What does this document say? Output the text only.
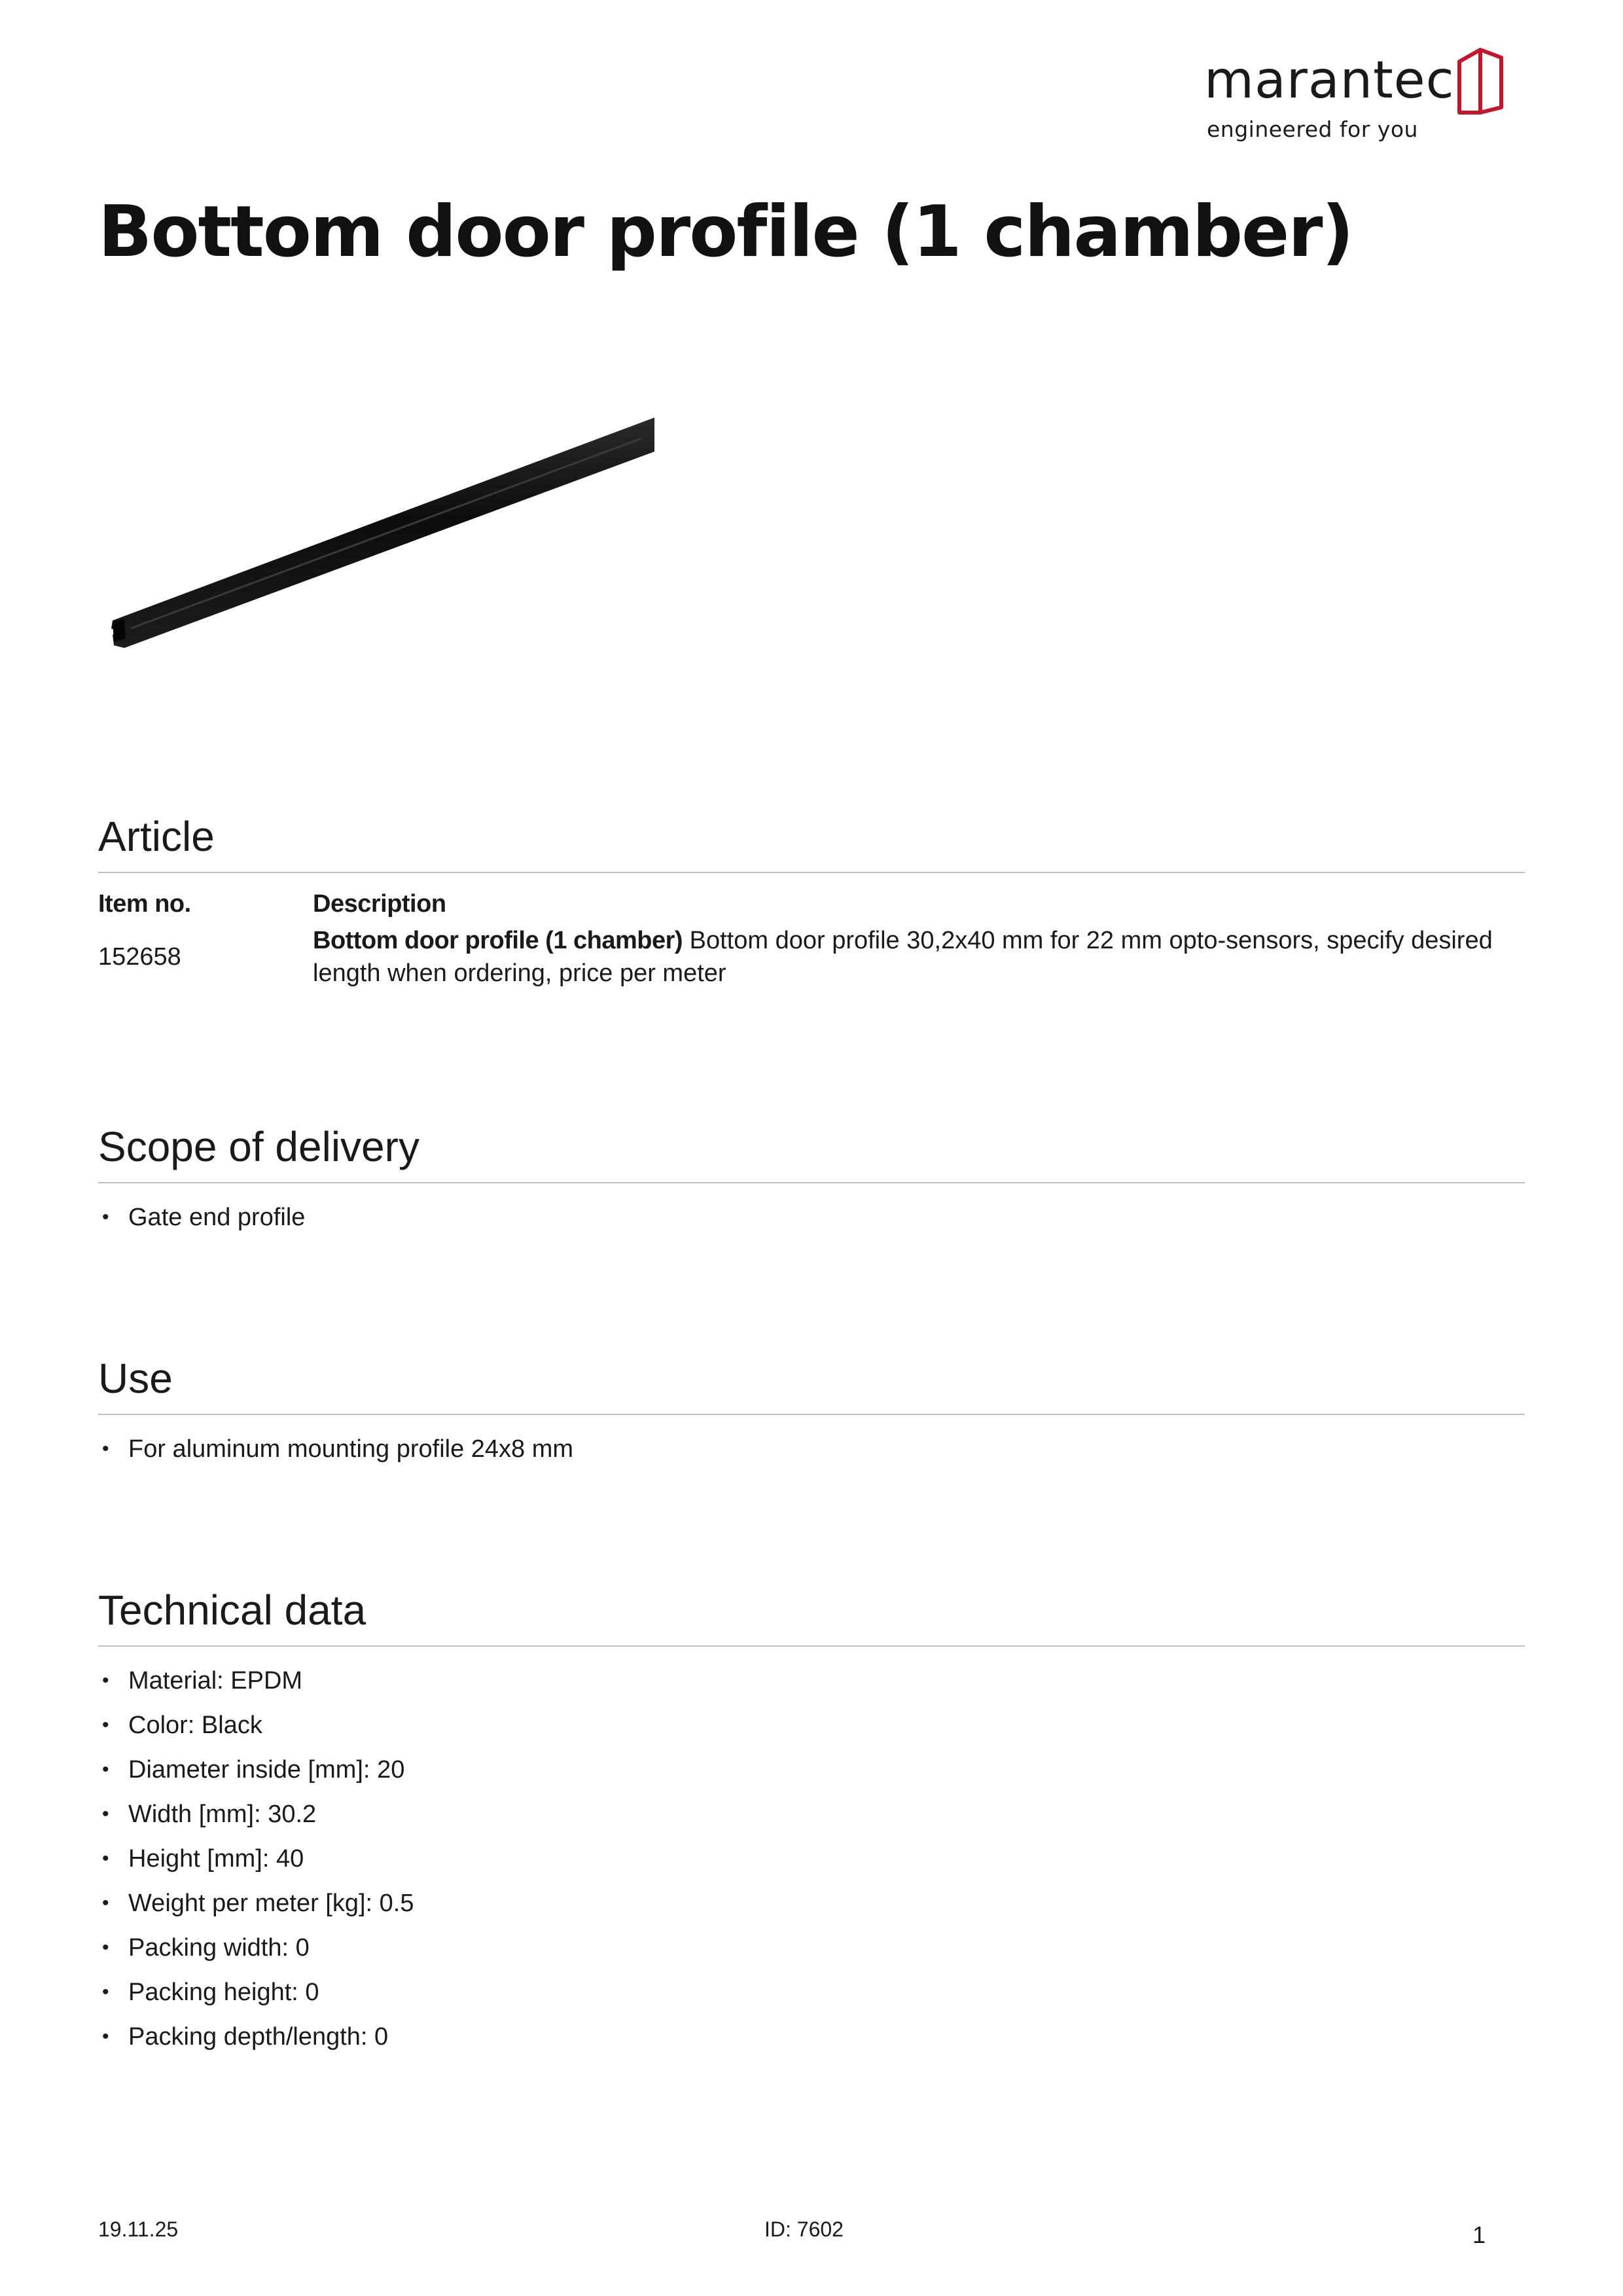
marantec
engineered for you
Bottom door profile (1 chamber)
Article
Item no.	Description
152658	Bottom door profile (1 chamber) Bottom door profile 30,2x40 mm for 22 mm opto-sensors, specify desired length when ordering, price per meter
Scope of delivery
• Gate end profile
Use
• For aluminum mounting profile 24x8 mm
Technical data
• Material: EPDM
• Color: Black
• Diameter inside [mm]: 20
• Width [mm]: 30.2
• Height [mm]: 40
• Weight per meter [kg]: 0.5
• Packing width: 0
• Packing height: 0
• Packing depth/length: 0
19.11.25	ID: 7602	1
